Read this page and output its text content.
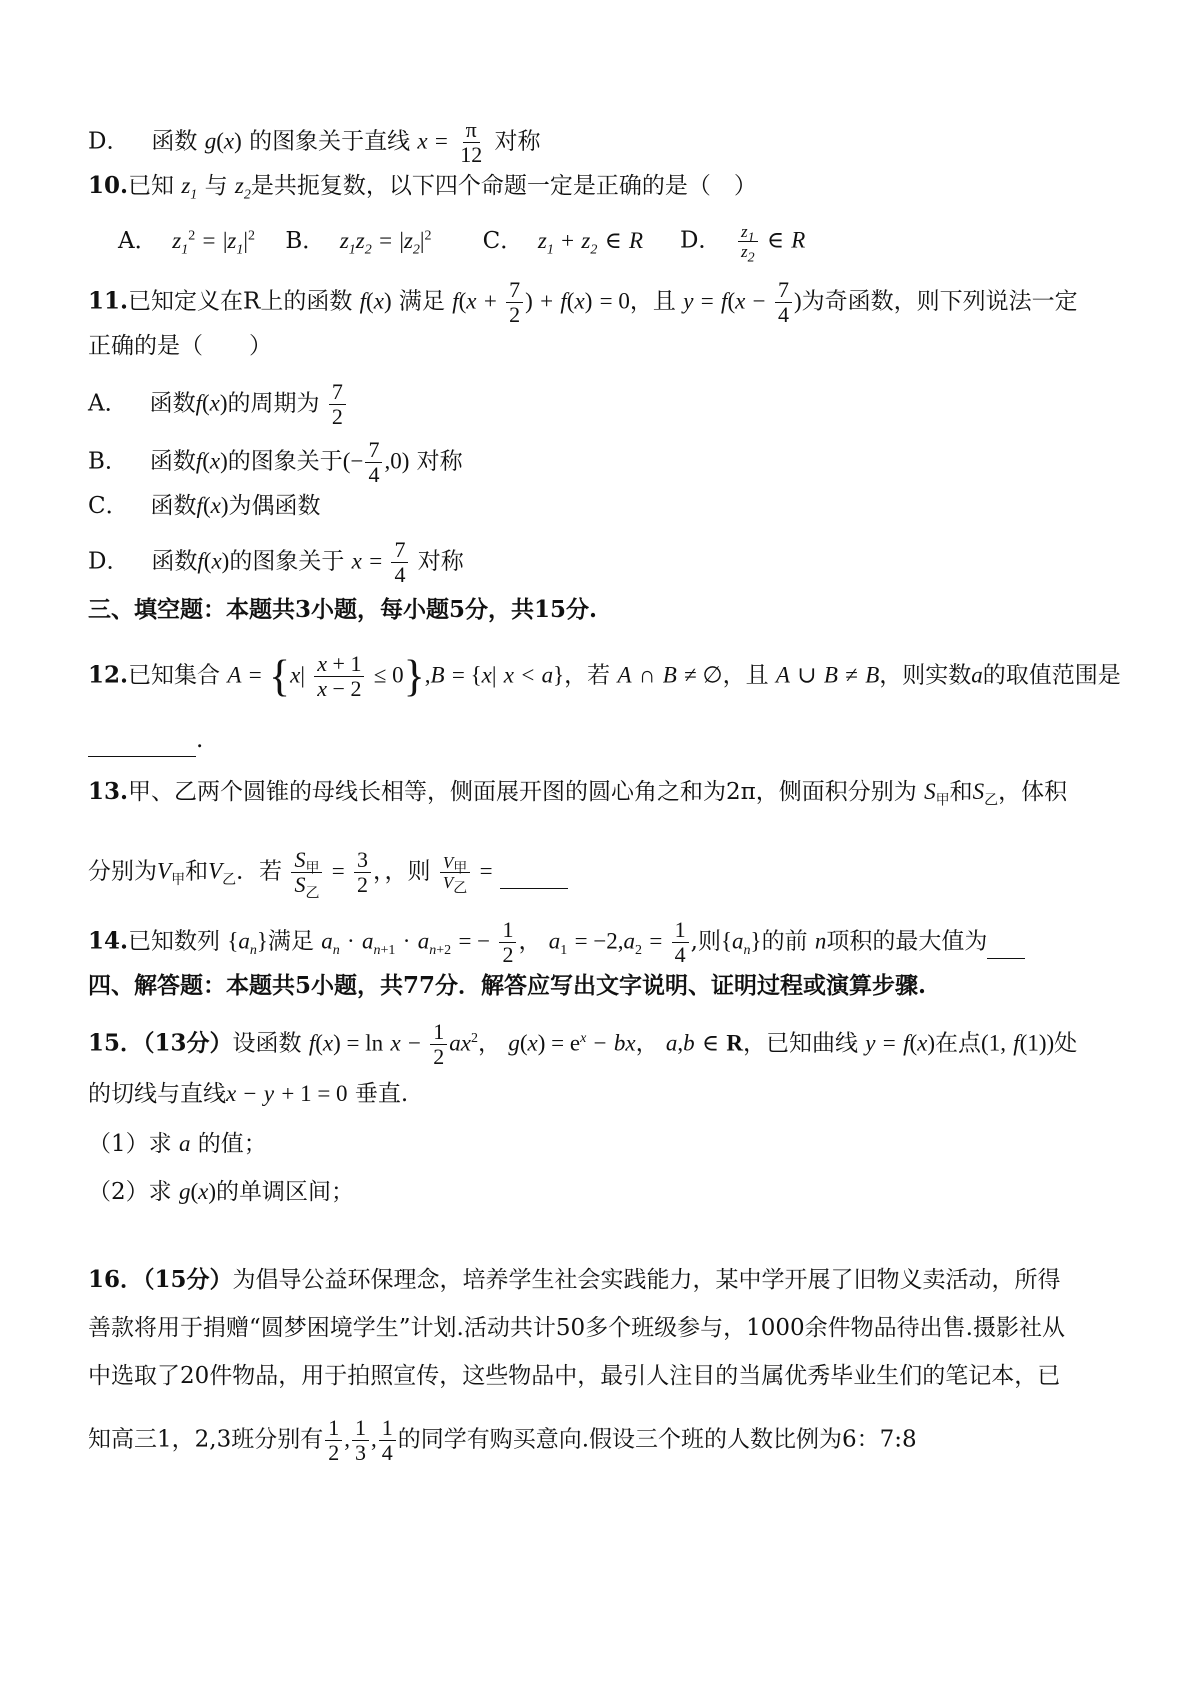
D． 函数 g(x) 的图象关于直线 $x = \frac{\pi}{12}$ 对称
10.已知 $z_1$ 与 $z_2$是共扼复数，以下四个命题一定是正确的是（　）
A． $z_1^2 = |z_1|^2$ B． $z_1z_2 = |z_2|^2$ C． $z_1 + z_2$ ∈ R D． $\frac{z_1}{z_2}$ ∈ R
11.已知定义在R上的函数 f(x) 满足 $f(x + \frac{7}{2}$ ) + f(x) = 0，且 $y = f(x - \frac{7}{4}$ )为奇函数，则下列说法一定
正确的是（　　）
A． 函数f(x)的周期为 $\frac{7}{2}$
B． 函数f(x)的图象关于(− $\frac{7}{4} ,0$) 对称
C． 函数f(x)为偶函数
D． 函数f(x)的图象关于 $x = \frac{7}{4}$ 对称
三、填空题：本题共3小题，每小题5分，共15分.
12.已知集合 $A = \{x| \frac{x + 1}{x - 2} \le 0\},B = \{x|$ x < a}，若 A ∩ B ≠ ∅，且 A ∪ B ≠ B，则实数a的取值范围是
.
13.甲、乙两个圆锥的母线长相等，侧面展开图的圆心角之和为2π，侧面积分别为 $S_甲$和$S_乙$，体积
分别为$V_甲$和$V_乙$．若 $\frac{S_甲}{S_乙} = \frac{3}{2}$ ，，则 $\frac{V_甲}{V_乙}$ =
14.已知数列 $\{a_n\}$满足 $a_n \cdot a_{n+1} \cdot a_{n+2}$ = − $\frac{1}{2}$ ， $a_1 = -2,a_2 = \frac{1}{4}$ ,则$\{a_n\}$的前 n项积的最大值为
四、解答题：本题共5小题，共77分．解答应写出文字说明、证明过程或演算步骤.
15．（13分）设函数 $f(x) = \ln x - \frac{1}{2} ax^2$， $g(x) = e^x$ − bx， a,b ∈ R，已知曲线 y = f(x)在点(1, f(1))处
的切线与直线x − y + 1 = 0 垂直.
（1）求 a 的值；
（2）求 g(x)的单调区间；
16．（15分）为倡导公益环保理念，培养学生社会实践能力，某中学开展了旧物义卖活动，所得
善款将用于捐赠“圆梦困境学生”计划.活动共计50多个班级参与，1000余件物品待出售.摄影社从
中选取了20件物品，用于拍照宣传，这些物品中，最引人注目的当属优秀毕业生们的笔记本，已
知高三1，2,3班分别有 $\frac{1}{2}$ , $\frac{1}{3}$ , $\frac{1}{4}$ 的同学有购买意向.假设三个班的人数比例为6：7:8
